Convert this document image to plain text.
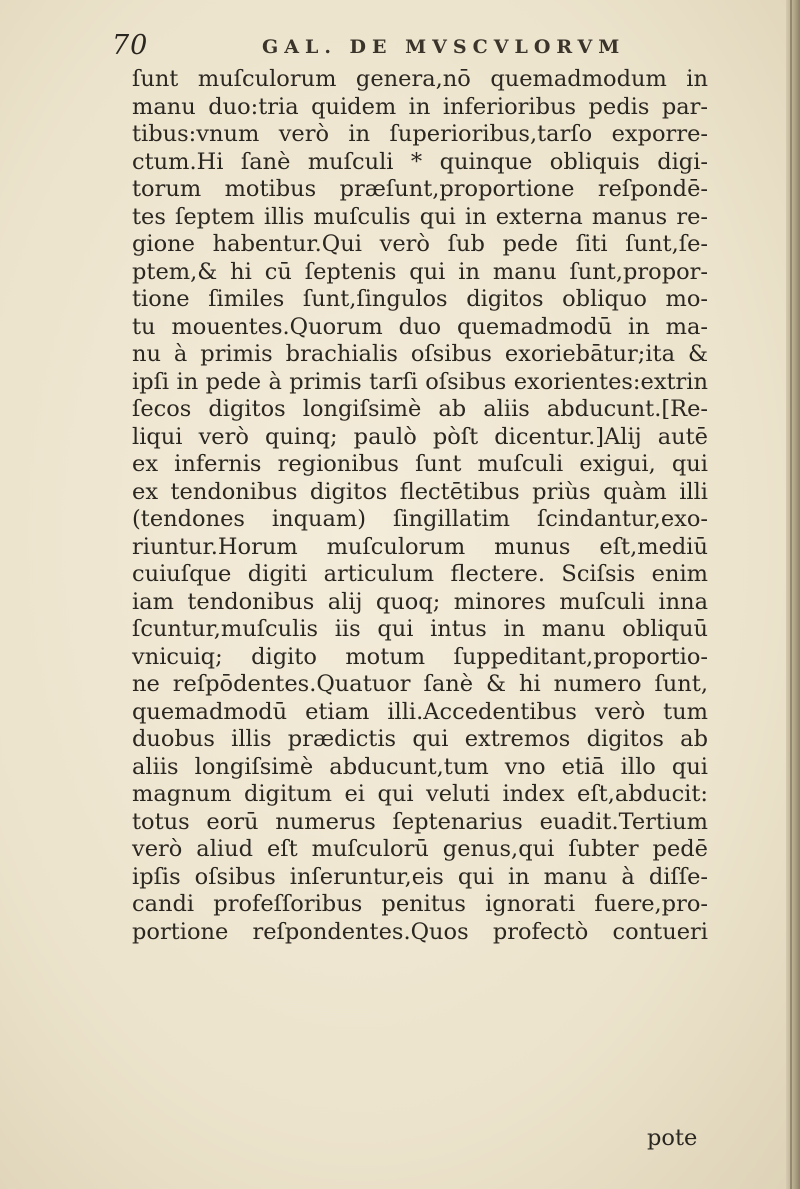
70	GAL. DE MVSCVLORVM
ſunt muſculorum genera,nō quemadmodum in
manu duo:tria quidem in inferioribus pedis par-
tibus:vnum verò in ſuperioribus,tarſo exporre-
ctum.Hi ſanè muſculi * quinque obliquis digi-
torum motibus præſunt,proportione reſpondē-
tes ſeptem illis muſculis qui in externa manus re-
gione habentur.Qui verò ſub pede ſiti ſunt,ſe-
ptem,& hi cū ſeptenis qui in manu ſunt,propor-
tione ſimiles ſunt,ſingulos digitos obliquo mo-
tu mouentes.Quorum duo quemadmodū in ma-
nu à primis brachialis oſsibus exoriebātur;ita &
ipſi in pede à primis tarſi oſsibus exorientes:extrin
ſecos digitos longiſsimè ab aliis abducunt.[Re-
liqui verò quinq; paulò pòſt dicentur.]Alij autē
ex infernis regionibus ſunt muſculi exigui, qui
ex tendonibus digitos flectētibus priùs quàm illi
(tendones inquam) ſingillatim ſcindantur,exo-
riuntur.Horum muſculorum munus eſt,mediū
cuiuſque digiti articulum flectere. Sciſsis enim
iam tendonibus alij quoq; minores muſculi inna
ſcuntur,muſculis iis qui intus in manu obliquū
vnicuiq; digito motum ſuppeditant,proportio-
ne reſpōdentes.Quatuor ſanè & hi numero ſunt,
quemadmodū etiam illi.Accedentibus verò tum
duobus illis prædictis qui extremos digitos ab
aliis longiſsimè abducunt,tum vno etiā illo qui
magnum digitum ei qui veluti index eſt,abducit:
totus eorū numerus ſeptenarius euadit.Tertium
verò aliud eſt muſculorū genus,qui ſubter pedē
ipſis oſsibus inſeruntur,eis qui in manu à diſſe-
candi profeſſoribus penitus ignorati fuere,pro-
portione reſpondentes.Quos profectò contueri
pote
